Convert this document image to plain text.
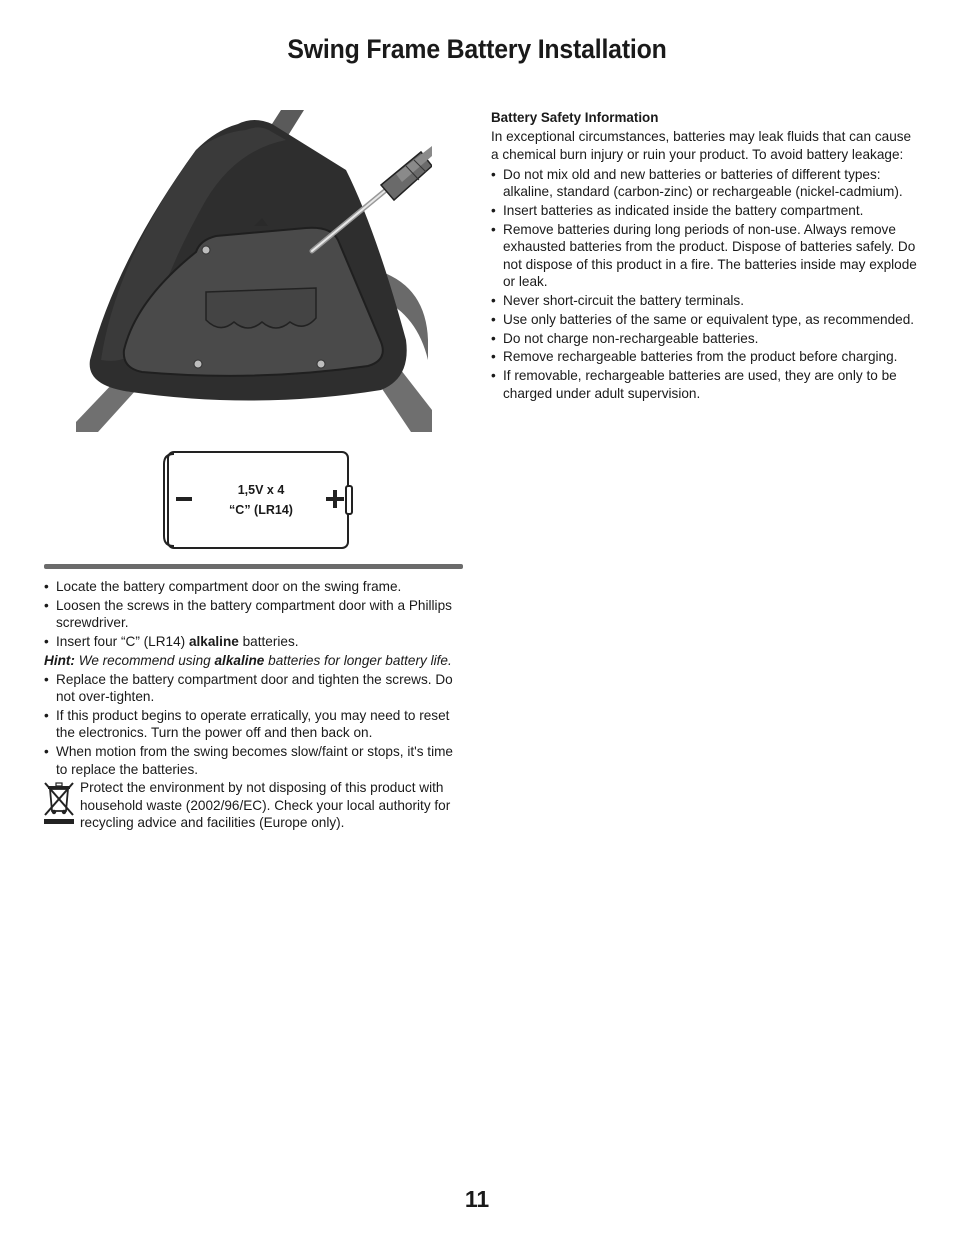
Swing Frame Battery Installation
1,5V x 4
“C” (LR14)
• Locate the battery compartment door on the swing frame.
• Loosen the screws in the battery compartment door with a Phillips screwdriver.
• Insert four “C” (LR14) alkaline batteries.
Hint: We recommend using alkaline batteries for longer battery life.
• Replace the battery compartment door and tighten the screws. Do not over-tighten.
• If this product begins to operate erratically, you may need to reset the electronics. Turn the power off and then back on.
• When motion from the swing becomes slow/faint or stops, it's time to replace the batteries.
Protect the environment by not disposing of this product with household waste (2002/96/EC). Check your local authority for recycling advice and facilities (Europe only).
Battery Safety Information
In exceptional circumstances, batteries may leak fluids that can cause a chemical burn injury or ruin your product. To avoid battery leakage:
• Do not mix old and new batteries or batteries of different types: alkaline, standard (carbon-zinc) or rechargeable (nickel-cadmium).
• Insert batteries as indicated inside the battery compartment.
• Remove batteries during long periods of non-use. Always remove exhausted batteries from the product. Dispose of batteries safely. Do not dispose of this product in a fire. The batteries inside may explode or leak.
• Never short-circuit the battery terminals.
• Use only batteries of the same or equivalent type, as recommended.
• Do not charge non-rechargeable batteries.
• Remove rechargeable batteries from the product before charging.
• If removable, rechargeable batteries are used, they are only to be charged under adult supervision.
11
